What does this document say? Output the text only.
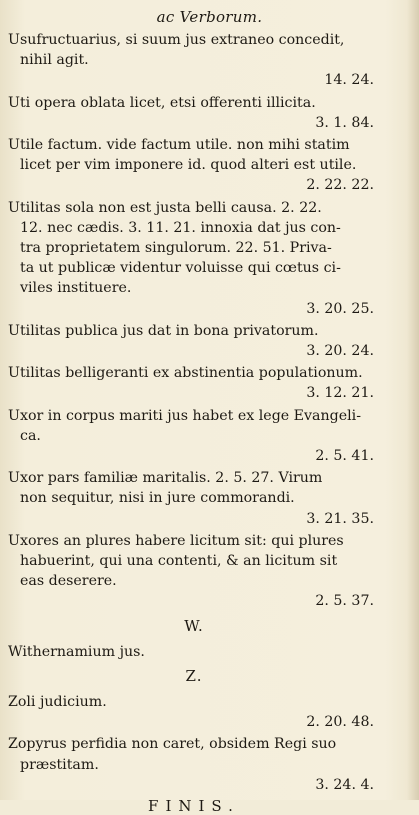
ac Verborum.
Usufructuarius, si suum jus extraneo concedit,
nihil agit.
14. 24.
Uti opera oblata licet, etsi offerenti illicita.
3. 1. 84.
Utile factum. vide factum utile. non mihi statim
licet per vim imponere id. quod alteri est utile.
2. 22. 22.
Utilitas sola non est justa belli causa. 2. 22.
12. nec cædis. 3. 11. 21. innoxia dat jus con-
tra proprietatem singulorum. 22. 51. Priva-
ta ut publicæ videntur voluisse qui cœtus ci-
viles instituere.
3. 20. 25.
Utilitas publica jus dat in bona privatorum.
3. 20. 24.
Utilitas belligeranti ex abstinentia populationum.
3. 12. 21.
Uxor in corpus mariti jus habet ex lege Evangeli-
ca.
2. 5. 41.
Uxor pars familiæ maritalis. 2. 5. 27. Virum
non sequitur, nisi in jure commorandi.
3. 21. 35.
Uxores an plures habere licitum sit: qui plures
habuerint, qui una contenti, & an licitum sit
eas deserere.
2. 5. 37.
W.
Withernamium jus.
Z.
Zoli judicium.
2. 20. 48.
Zopyrus perfidia non caret, obsidem Regi suo
præstitam.
3. 24. 4.
FINIS.
